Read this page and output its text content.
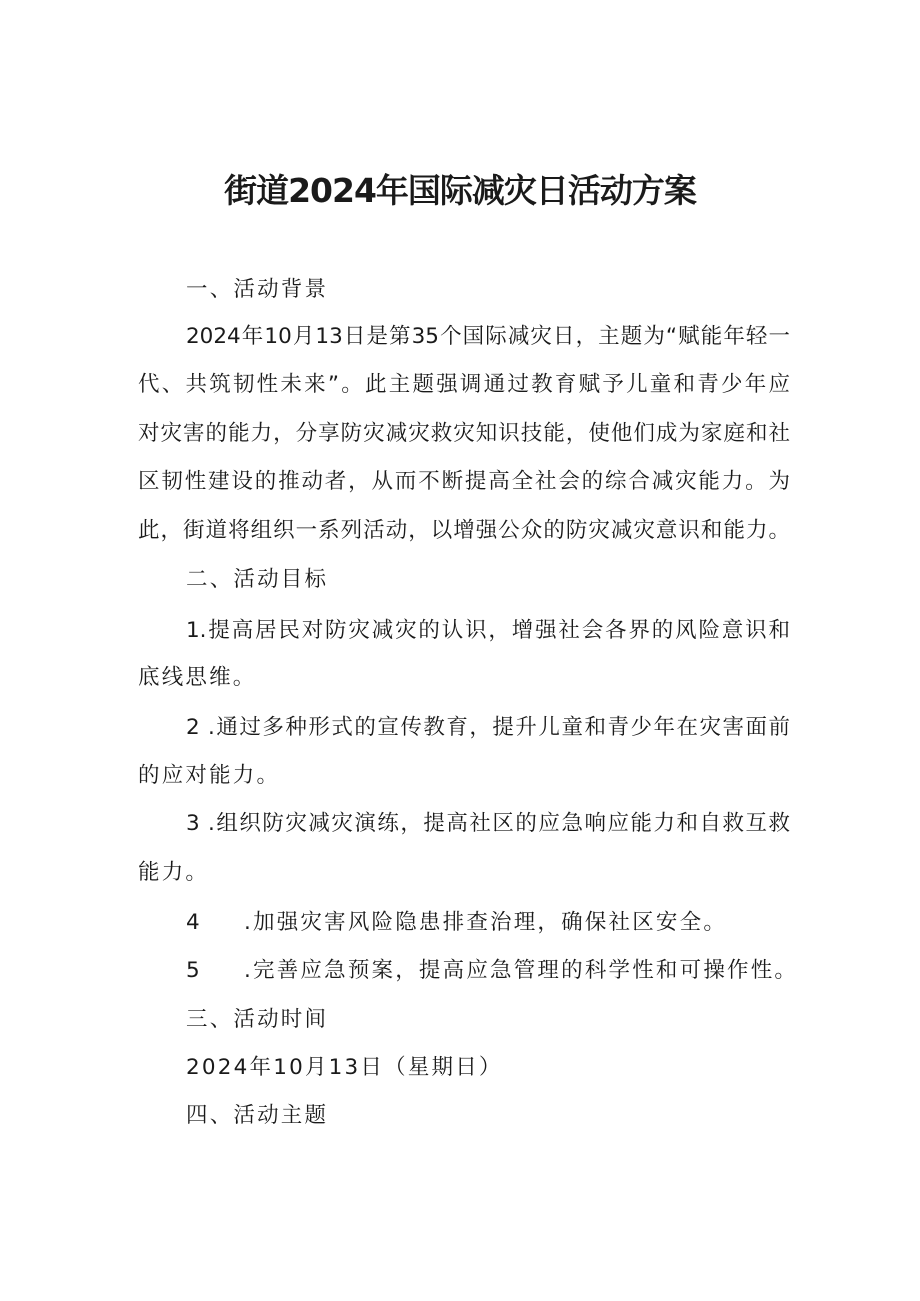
街道2024年国际减灾日活动方案
一、活动背景
2024年10月13日是第35个国际减灾日，主题为“赋能年轻一
代、共筑韧性未来”。此主题强调通过教育赋予儿童和青少年应
对灾害的能力，分享防灾减灾救灾知识技能，使他们成为家庭和社
区韧性建设的推动者，从而不断提高全社会的综合减灾能力。为
此，街道将组织一系列活动，以增强公众的防灾减灾意识和能力。
二、活动目标
1.提高居民对防灾减灾的认识，增强社会各界的风险意识和
底线思维。
2 .通过多种形式的宣传教育，提升儿童和青少年在灾害面前
的应对能力。
3 .组织防灾减灾演练，提高社区的应急响应能力和自救互救
能力。
4 .加强灾害风险隐患排查治理，确保社区安全。
5 .完善应急预案，提高应急管理的科学性和可操作性。
三、活动时间
2024年10月13日（星期日）
四、活动主题
